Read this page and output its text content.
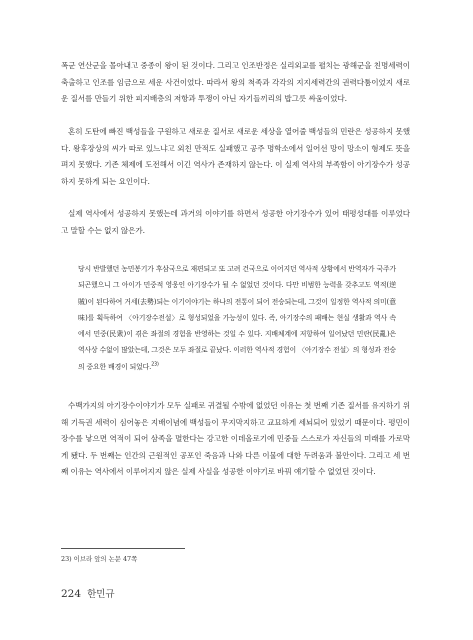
폭군 연산군을 몰아내고 중종이 왕이 된 것이다. 그리고 인조반정은 실리외교를 펼치는 광해군을 친명세력이 축출하고 인조를 임금으로 세운 사건이었다. 따라서 왕의 척족과 각각의 지지세력간의 권력다툼이었지 새로운 질서를 만들기 위한 피지배층의 저항과 투쟁이 아닌 자기들끼리의 밥그릇 싸움이었다.

혼히 도탄에 빠진 백성들을 구원하고 새로운 질서로 새로운 세상을 열어줄 백성들의 민란은 성공하지 못했다. 왕후장상의 씨가 따로 있느냐고 외친 만적도 실패했고 공주 명학소에서 일어선 망이 망소이 형제도 뜻을 펴지 못했다. 기존 체제에 도전해서 이긴 역사가 존재하지 않는다. 이 실제 역사의 부족함이 아기장수가 성공하지 못하게 되는 요인이다.

실제 역사에서 성공하지 못했는데 과거의 이야기를 하면서 성공한 아기장수가 있어 태평성대를 이루었다고 말할 수는 없지 않은가.

당시 반발했던 농민봉기가 후삼국으로 재편되고 또 고려 건국으로 이어지던 역사적 상황에서 반역자가 국주가 되곤했으니 그 아이가 민중적 영웅인 아기장수가 될 수 없었던 것이다. 다만 비범한 능력을 갖추고도 역적(逆賊)이 된다하여 거세(去勢)되는 이기이야기는 하나의 전통이 되어 전승되는데, 그것이 일정한 역사적 의미(意味)를 획득하여 〈아기장수전설〉로 형성되었을 가능성이 있다. 즉, 아기장수의 패배는 현실 생활과 역사 속에서 민중(民衆)이 겪은 좌절의 경험을 반영하는 것일 수 있다. 지배체계에 저항하여 일어났던 민란(民亂)은 역사상 수없이 많았는데, 그것은 모두 좌절로 끝났다. 이러한 역사적 경험이 〈아기장수 전설〉의 형성과 전승의 중요한 배경이 되었다.$^{23)}$

수백가지의 아기장수이야기가 모두 실패로 귀결될 수밖에 없었던 이유는 첫 번째 기존 질서를 유지하기 위해 기득권 세력이 심어놓은 지배이념에 백성들이 무지막지하고 교묘하게 세뇌되어 있었기 때문이다. 평민이 장수를 낳으면 역적이 되어 삼족을 멸한다는 강고한 이데올로기에 민중들 스스로가 자신들의 미래를 가로막게 됐다. 두 번째는 인간의 근원적인 공포인 죽음과 나와 다른 이물에 대한 두려움과 불안이다. 그리고 세 번째 이유는 역사에서 이루어지지 않은 실제 사실을 성공한 이야기로 바꿔 얘기할 수 없었던 것이다.

23) 이브라 앞의 논문 47쪽

224 한민규
